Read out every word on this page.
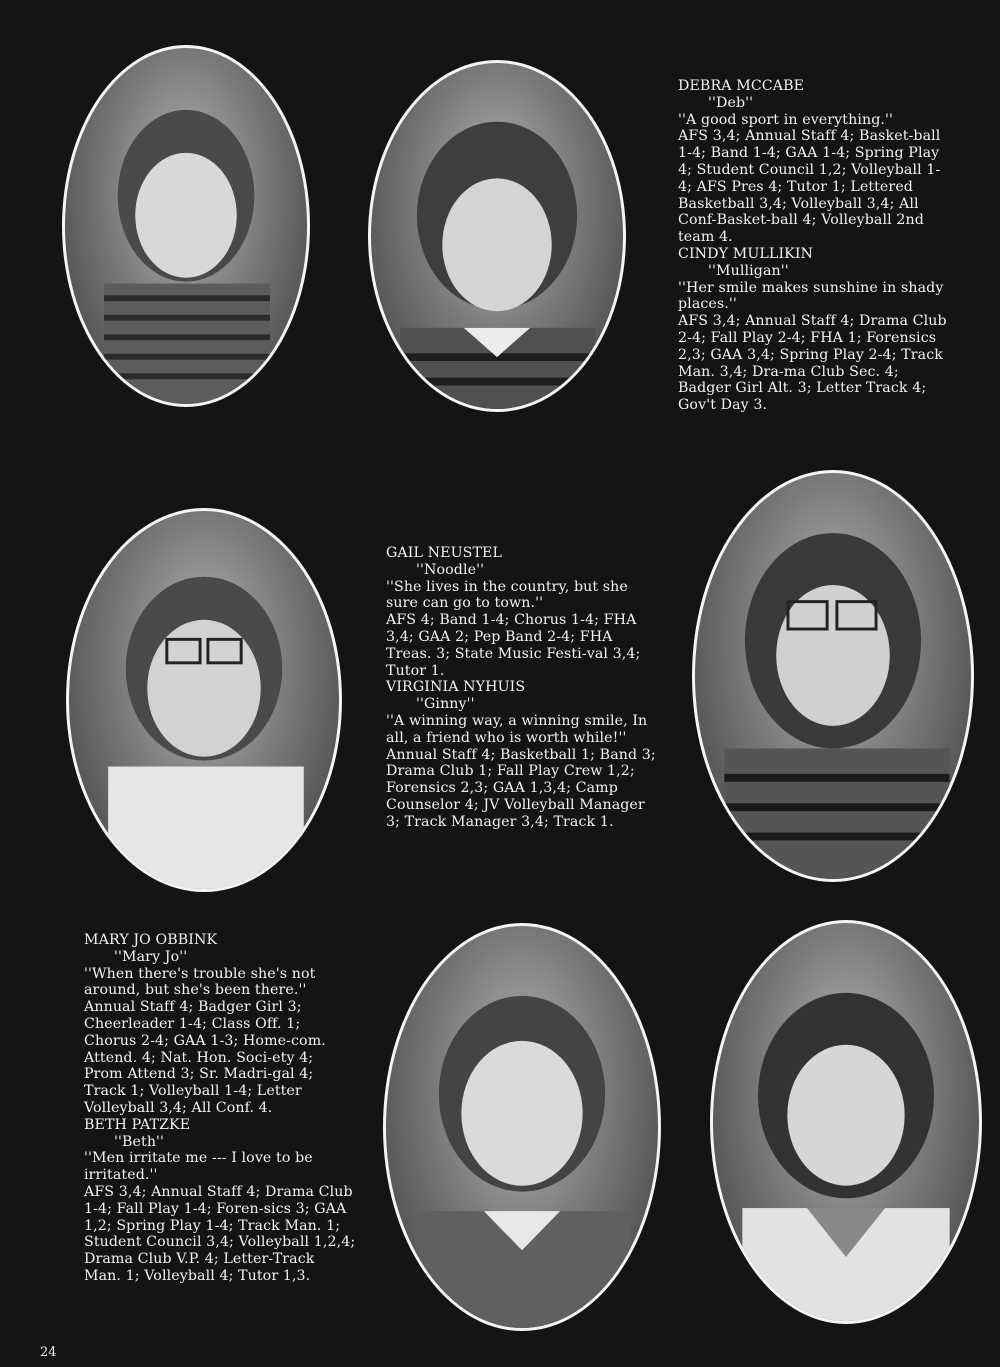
DEBRA MCCABE
''Deb''
''A good sport in everything.''
AFS 3,4; Annual Staff 4; Basket-ball 1-4; Band 1-4; GAA 1-4; Spring Play 4; Student Council 1,2; Volleyball 1-4; AFS Pres 4; Tutor 1; Lettered Basketball 3,4; Volleyball 3,4; All Conf-Basket-ball 4; Volleyball 2nd team 4.
CINDY MULLIKIN
''Mulligan''
''Her smile makes sunshine in shady places.''
AFS 3,4; Annual Staff 4; Drama Club 2-4; Fall Play 2-4; FHA 1; Forensics 2,3; GAA 3,4; Spring Play 2-4; Track Man. 3,4; Dra-ma Club Sec. 4; Badger Girl Alt. 3; Letter Track 4; Gov't Day 3.
GAIL NEUSTEL
''Noodle''
''She lives in the country, but she sure can go to town.''
AFS 4; Band 1-4; Chorus 1-4; FHA 3,4; GAA 2; Pep Band 2-4; FHA Treas. 3; State Music Festi-val 3,4; Tutor 1.
VIRGINIA NYHUIS
''Ginny''
''A winning way, a winning smile, In all, a friend who is worth while!''
Annual Staff 4; Basketball 1; Band 3; Drama Club 1; Fall Play Crew 1,2; Forensics 2,3; GAA 1,3,4; Camp Counselor 4; JV Volleyball Manager 3; Track Manager 3,4; Track 1.
MARY JO OBBINK
''Mary Jo''
''When there's trouble she's not around, but she's been there.''
Annual Staff 4; Badger Girl 3; Cheerleader 1-4; Class Off. 1; Chorus 2-4; GAA 1-3; Home-com. Attend. 4; Nat. Hon. Soci-ety 4; Prom Attend 3; Sr. Madri-gal 4; Track 1; Volleyball 1-4; Letter Volleyball 3,4; All Conf. 4.
BETH PATZKE
''Beth''
''Men irritate me --- I love to be irritated.''
AFS 3,4; Annual Staff 4; Drama Club 1-4; Fall Play 1-4; Foren-sics 3; GAA 1,2; Spring Play 1-4; Track Man. 1; Student Council 3,4; Volleyball 1,2,4; Drama Club V.P. 4; Letter-Track Man. 1; Volleyball 4; Tutor 1,3.
24
